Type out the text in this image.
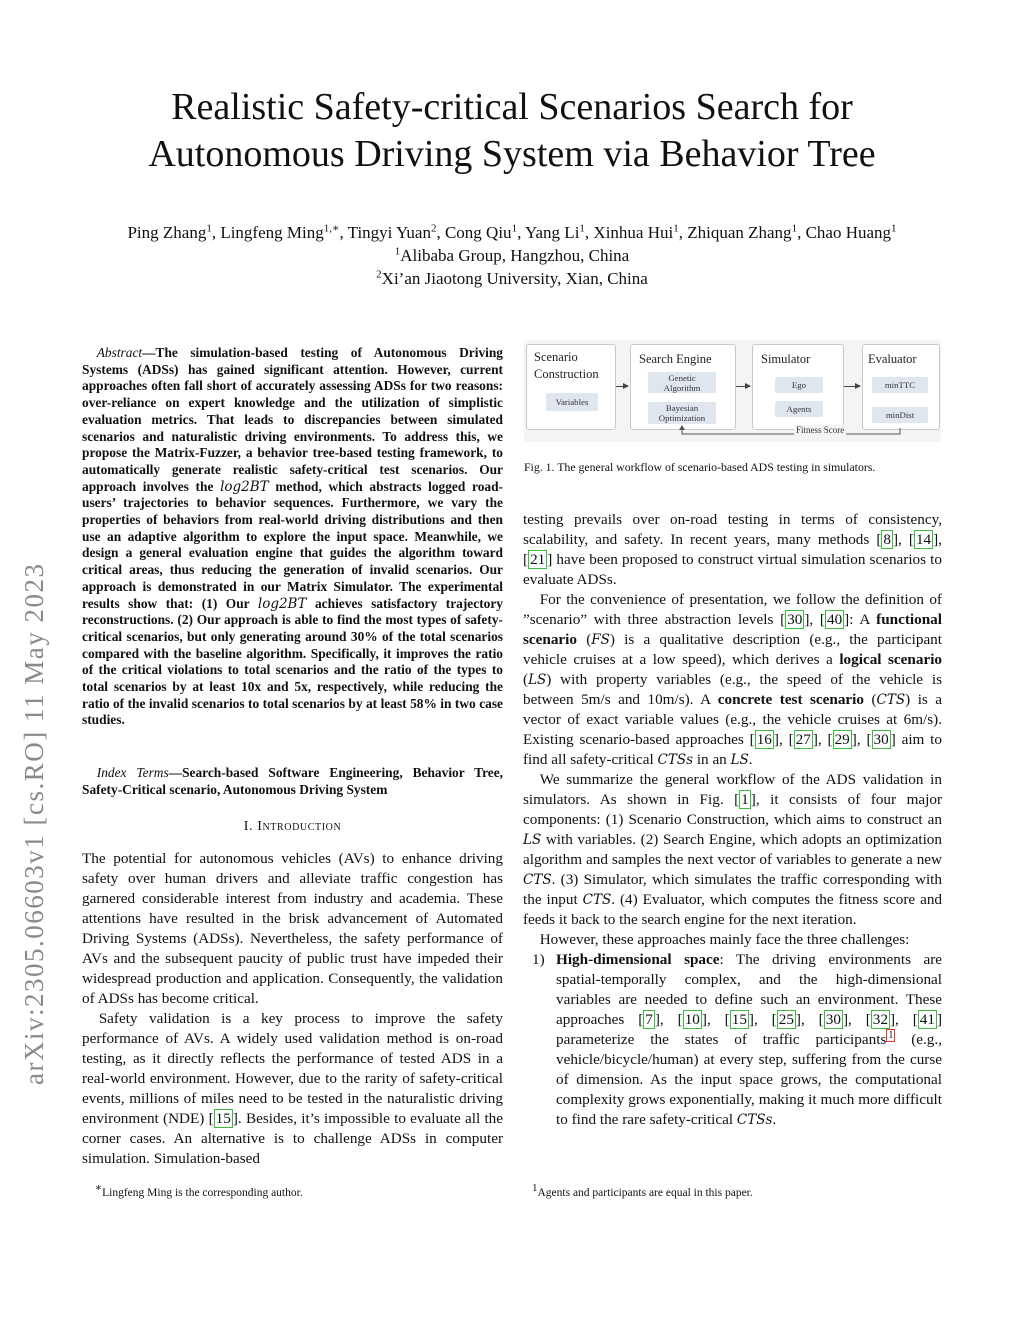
arXiv:2305.06603v1 [cs.RO] 11 May 2023
Realistic Safety-critical Scenarios Search for
Autonomous Driving System via Behavior Tree
Ping Zhang$^1$, Lingfeng Ming$^{1,∗}$, Tingyi Yuan$^2$, Cong Qiu$^1$, Yang Li$^1$, Xinhua Hui$^1$, Zhiquan Zhang$^1$, Chao Huang$^1$
$^1$Alibaba Group, Hangzhou, China
$^2$Xi’an Jiaotong University, Xian, China
Abstract—The simulation-based testing of Autonomous Driving Systems (ADSs) has gained significant attention. However, current approaches often fall short of accurately assessing ADSs for two reasons: over-reliance on expert knowledge and the utilization of simplistic evaluation metrics. That leads to discrepancies between simulated scenarios and naturalistic driving environments. To address this, we propose the Matrix-Fuzzer, a behavior tree-based testing framework, to automatically generate realistic safety-critical test scenarios. Our approach involves the log2BT method, which abstracts logged road-users’ trajectories to behavior sequences. Furthermore, we vary the properties of behaviors from real-world driving distributions and then use an adaptive algorithm to explore the input space. Meanwhile, we design a general evaluation engine that guides the algorithm toward critical areas, thus reducing the generation of invalid scenarios. Our approach is demonstrated in our Matrix Simulator. The experimental results show that: (1) Our log2BT achieves satisfactory trajectory reconstructions. (2) Our approach is able to find the most types of safety-critical scenarios, but only generating around 30% of the total scenarios compared with the baseline algorithm. Specifically, it improves the ratio of the critical violations to total scenarios and the ratio of the types to total scenarios by at least 10x and 5x, respectively, while reducing the ratio of the invalid scenarios to total scenarios by at least 58% in two case studies.
Index Terms—Search-based Software Engineering, Behavior Tree, Safety-Critical scenario, Autonomous Driving System
I. Introduction

The potential for autonomous vehicles (AVs) to enhance driving safety over human drivers and alleviate traffic congestion has garnered considerable interest from industry and academia. These attentions have resulted in the brisk advancement of Automated Driving Systems (ADSs). Nevertheless, the safety performance of AVs and the subsequent paucity of public trust have impeded their widespread production and application. Consequently, the validation of ADSs has become critical.

Safety validation is a key process to improve the safety performance of AVs. A widely used validation method is on-road testing, as it directly reflects the performance of tested ADS in a real-world environment. However, due to the rarity of safety-critical events, millions of miles need to be tested in the naturalistic driving environment (NDE) [ 15 ]. Besides, it’s impossible to evaluate all the corner cases. An alternative is to challenge ADSs in computer simulation. Simulation-based

∗Lingfeng Ming is the corresponding author.
Scenario
Construction
Variables
Search Engine
Genetic
Algorithm
Bayesian
Optimization
Simulator
Ego
Agents
Evaluator
minTTC
minDist
Fitness Score
Fig. 1. The general workflow of scenario-based ADS testing in simulators.

testing prevails over on-road testing in terms of consistency, scalability, and safety. In recent years, many methods [ 8 ], [ 14 ], [ 21 ] have been proposed to construct virtual simulation scenarios to evaluate ADSs.

For the convenience of presentation, we follow the definition of ”scenario” with three abstraction levels [ 30 ], [ 40 ]: A functional scenario (FS) is a qualitative description (e.g., the participant vehicle cruises at a low speed), which derives a logical scenario (LS) with property variables (e.g., the speed of the vehicle is between 5m/s and 10m/s). A concrete test scenario (CTS) is a vector of exact variable values (e.g., the vehicle cruises at 6m/s). Existing scenario-based approaches [ 16 ], [ 27 ], [ 29 ], [ 30 ] aim to find all safety-critical CTSs in an LS.

We summarize the general workflow of the ADS validation in simulators. As shown in Fig. [ 1 ], it consists of four major components: (1) Scenario Construction, which aims to construct an LS with variables. (2) Search Engine, which adopts an optimization algorithm and samples the next vector of variables to generate a new CTS. (3) Simulator, which simulates the traffic corresponding with the input CTS. (4) Evaluator, which computes the fitness score and feeds it back to the search engine for the next iteration.

However, these approaches mainly face the three challenges:

1) High-dimensional space: The driving environments are spatial-temporally complex, and the high-dimensional variables are needed to define such an environment. These approaches [ 7 ], [ 10 ], [ 15 ], [ 25 ], [ 30 ], [ 32 ], [ 41 ] parameterize the states of traffic participants $^1$ (e.g., vehicle/bicycle/human) at every step, suffering from the curse of dimension. As the input space grows, the computational complexity grows exponentially, making it much more difficult to find the rare safety-critical CTSs.

$^1$Agents and participants are equal in this paper.
